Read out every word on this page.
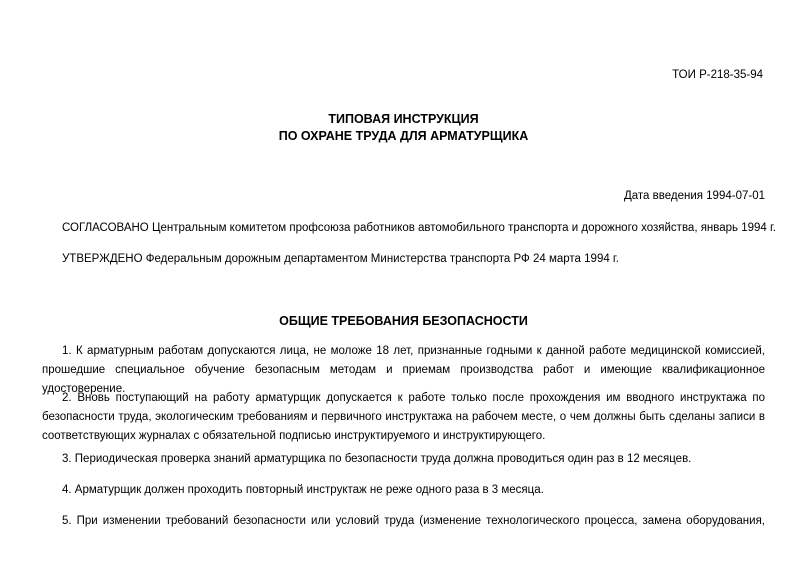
ТОИ Р-218-35-94
ТИПОВАЯ ИНСТРУКЦИЯ
ПО ОХРАНЕ ТРУДА ДЛЯ АРМАТУРЩИКА
Дата введения 1994-07-01
СОГЛАСОВАНО Центральным комитетом профсоюза работников автомобильного транспорта и дорожного хозяйства, январь 1994 г.
УТВЕРЖДЕНО Федеральным дорожным департаментом Министерства транспорта РФ 24 марта 1994 г.
ОБЩИЕ ТРЕБОВАНИЯ БЕЗОПАСНОСТИ
1. К арматурным работам допускаются лица, не моложе 18 лет, признанные годными к данной работе медицинской комиссией, прошедшие специальное обучение безопасным методам и приемам производства работ и имеющие квалификационное удостоверение.
2. Вновь поступающий на работу арматурщик допускается к работе только после прохождения им вводного инструктажа по безопасности труда, экологическим требованиям и первичного инструктажа на рабочем месте, о чем должны быть сделаны записи в соответствующих журналах с обязательной подписью инструктируемого и инструктирующего.
3. Периодическая проверка знаний арматурщика по безопасности труда должна проводиться один раз в 12 месяцев.
4. Арматурщик должен проходить повторный инструктаж не реже одного раза в 3 месяца.
5. При изменении требований безопасности или условий труда (изменение технологического процесса, замена оборудования,
